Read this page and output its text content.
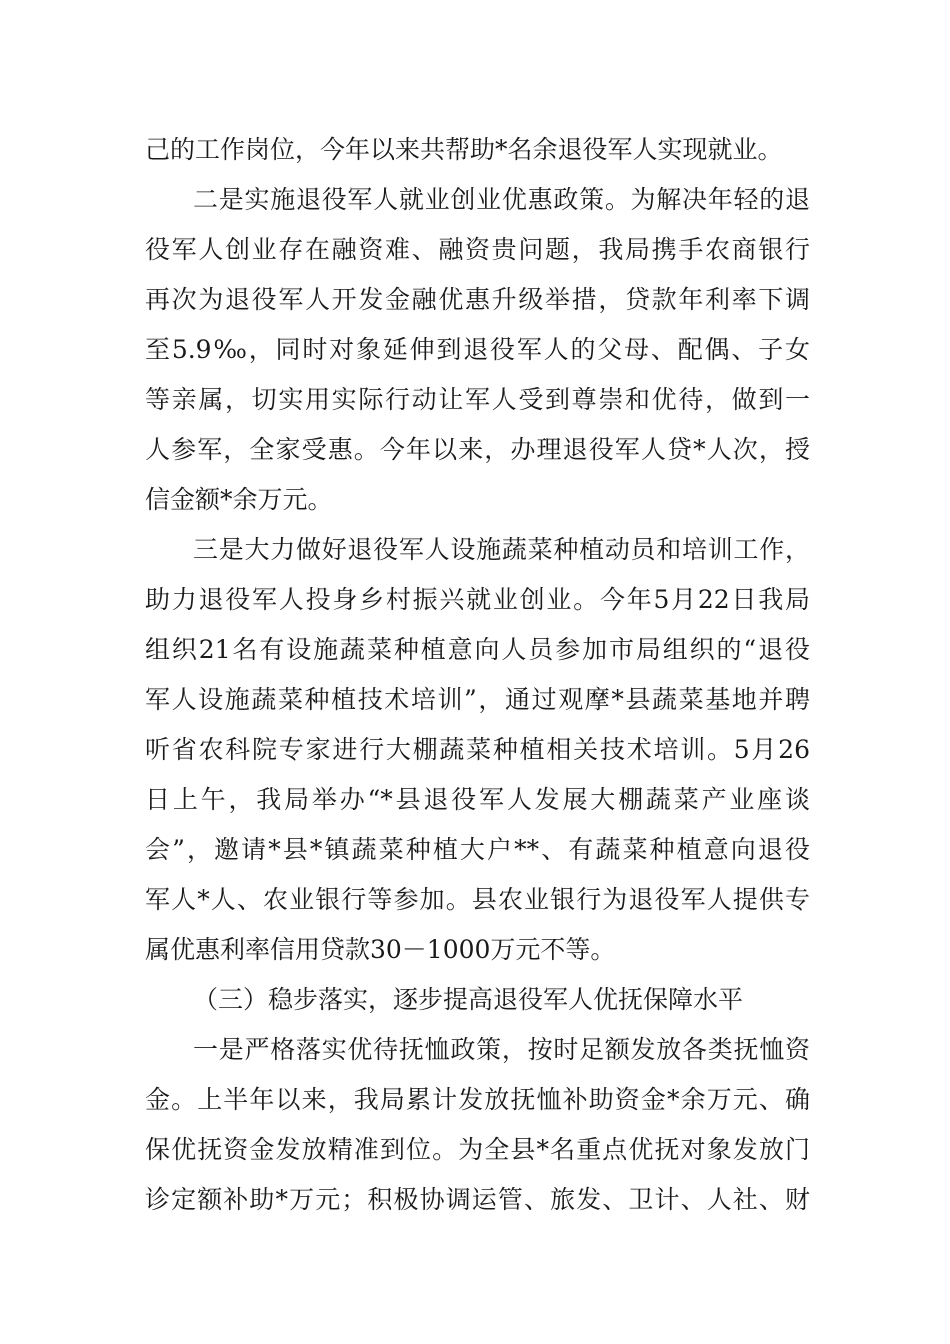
己的工作岗位，今年以来共帮助*名余退役军人实现就业。
二是实施退役军人就业创业优惠政策。为解决年轻的退
役军人创业存在融资难、融资贵问题，我局携手农商银行
再次为退役军人开发金融优惠升级举措，贷款年利率下调
至5.9‰，同时对象延伸到退役军人的父母、配偶、子女
等亲属，切实用实际行动让军人受到尊崇和优待，做到一
人参军，全家受惠。今年以来，办理退役军人贷*人次，授
信金额*余万元。
三是大力做好退役军人设施蔬菜种植动员和培训工作，
助力退役军人投身乡村振兴就业创业。今年5月22日我局
组织21名有设施蔬菜种植意向人员参加市局组织的“退役
军人设施蔬菜种植技术培训”，通过观摩*县蔬菜基地并聘
听省农科院专家进行大棚蔬菜种植相关技术培训。5月26
日上午，我局举办“*县退役军人发展大棚蔬菜产业座谈
会”，邀请*县*镇蔬菜种植大户**、有蔬菜种植意向退役
军人*人、农业银行等参加。县农业银行为退役军人提供专
属优惠利率信用贷款30－1000万元不等。
（三）稳步落实，逐步提高退役军人优抚保障水平
一是严格落实优待抚恤政策，按时足额发放各类抚恤资
金。上半年以来，我局累计发放抚恤补助资金*余万元、确
保优抚资金发放精准到位。为全县*名重点优抚对象发放门
诊定额补助*万元；积极协调运管、旅发、卫计、人社、财
